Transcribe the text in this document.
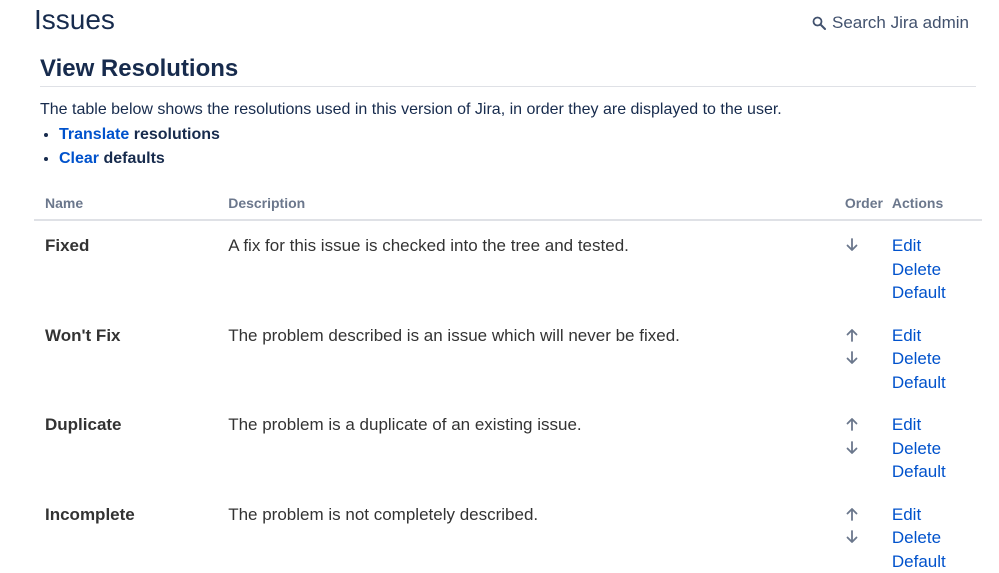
Issues	Search Jira admin
View Resolutions

The table below shows the resolutions used in this version of Jira, in order they are displayed to the user.

• Translate resolutions
• Clear defaults
Name	Description	Order	Actions
Fixed	A fix for this issue is checked into the tree and tested.		Edit
Delete
Default

Won't Fix	The problem described is an issue which will never be fixed.		Edit
Delete
Default

Duplicate	The problem is a duplicate of an existing issue.		Edit
Delete
Default

Incomplete	The problem is not completely described.		Edit
Delete
Default
